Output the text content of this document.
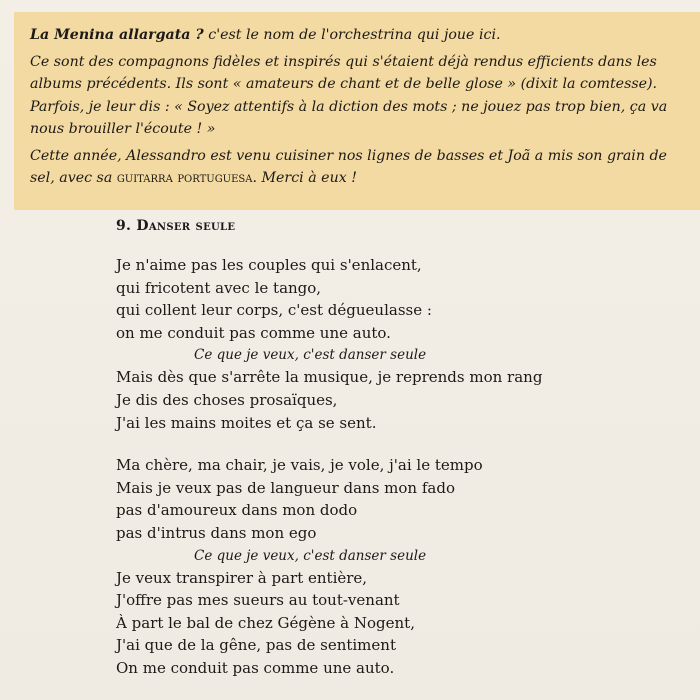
La Menina allargata ? c'est le nom de l'orchestrina qui joue ici.

Ce sont des compagnons fidèles et inspirés qui s'étaient déjà rendus efficients dans les albums précédents. Ils sont « amateurs de chant et de belle glose » (dixit la comtesse). Parfois, je leur dis : « Soyez attentifs à la diction des mots ; ne jouez pas trop bien, ça va nous brouiller l'écoute ! »

Cette année, Alessandro est venu cuisiner nos lignes de basses et Joã a mis son grain de sel, avec sa guitarra portuguesa. Merci à eux !

9. Danser seule
Je n'aime pas les couples qui s'enlacent,
qui fricotent avec le tango,
qui collent leur corps, c'est dégueulasse :
on me conduit pas comme une auto.
Ce que je veux, c'est danser seule
Mais dès que s'arrête la musique, je reprends mon rang
Je dis des choses prosaïques,
J'ai les mains moites et ça se sent.
Ma chère, ma chair, je vais, je vole, j'ai le tempo
Mais je veux pas de langueur dans mon fado
pas d'amoureux dans mon dodo
pas d'intrus dans mon ego
Ce que je veux, c'est danser seule
Je veux transpirer à part entière,
J'offre pas mes sueurs au tout-venant
À part le bal de chez Gégène à Nogent,
J'ai que de la gêne, pas de sentiment
On me conduit pas comme une auto.
